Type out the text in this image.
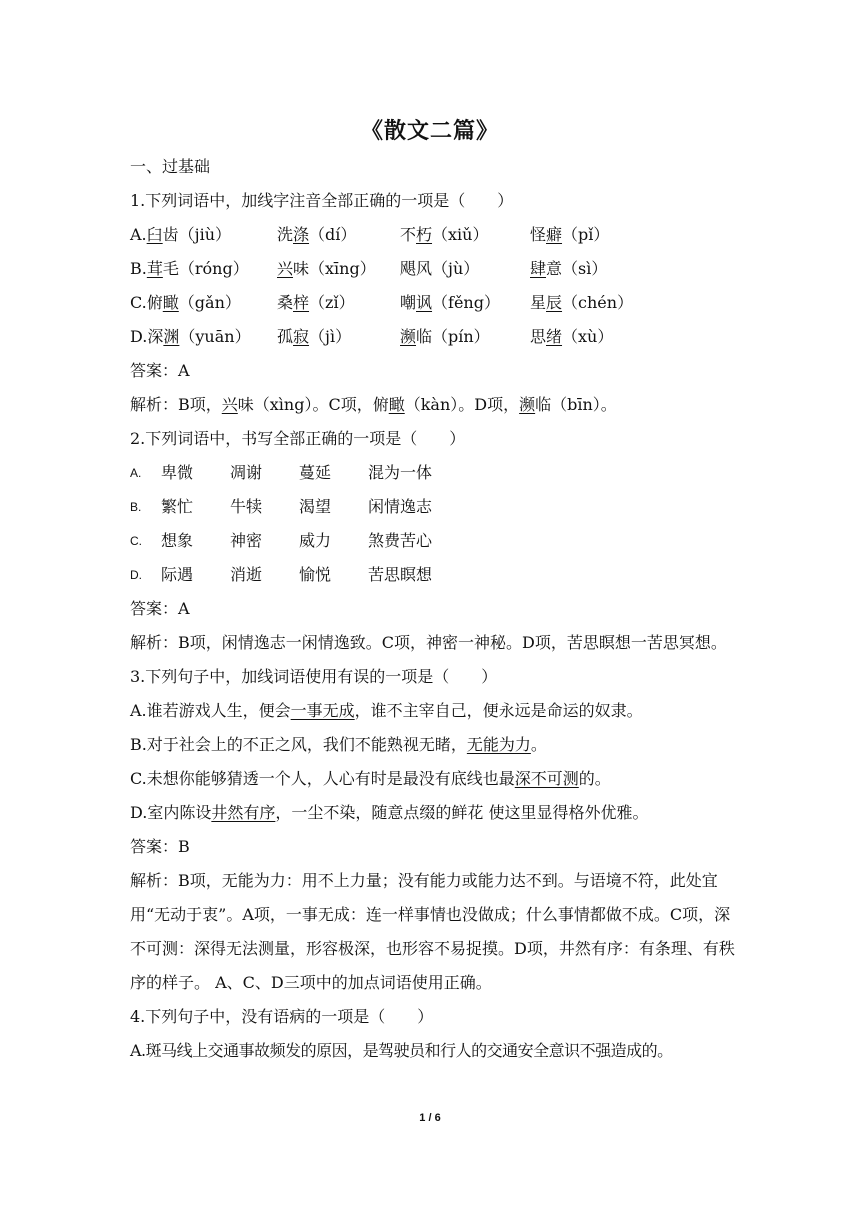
《散文二篇》
一、过基础
1.下列词语中，加线字注音全部正确的一项是（　　）
A.臼齿（jiù）	洗涤（dí）	不朽（xiǔ）	怪癖（pǐ）
B.茸毛（róng）	兴味（xīng）	飓风（jù）	肆意（sì）
C.俯瞰（gǎn）	桑梓（zǐ）	嘲讽（fěng）	星辰（chén）
D.深渊（yuān）	孤寂（jì）	濒临（pín）	思绪（xù）
答案：A
解析：B项，兴味（xìng）。C项，俯瞰（kàn）。D项，濒临（bīn）。
2.下列词语中，书写全部正确的一项是（　　）
A.	卑微	凋谢	蔓延	混为一体
B.	繁忙	牛犊	渴望	闲情逸志
C.	想象	神密	威力	煞费苦心
D.	际遇	消逝	愉悦	苦思瞑想
答案：A
解析：B项，闲情逸志一闲情逸致。C项，神密一神秘。D项，苦思瞑想一苦思冥想。
3.下列句子中，加线词语使用有误的一项是（　　）
A.谁若游戏人生，便会一事无成，谁不主宰自己，便永远是命运的奴隶。
B.对于社会上的不正之风，我们不能熟视无睹，无能为力。
C.未想你能够猜透一个人，人心有时是最没有底线也最深不可测的。
D.室内陈设井然有序，一尘不染，随意点缀的鲜花 使这里显得格外优雅。
答案：B
解析：B项，无能为力：用不上力量；没有能力或能力达不到。与语境不符，此处宜用“无动于衷”。A项，一事无成：连一样事情也没做成；什么事情都做不成。C项，深不可测：深得无法测量，形容极深，也形容不易捉摸。D项，井然有序：有条理、有秩序的样子。 A、C、D三项中的加点词语使用正确。
4.下列句子中，没有语病的一项是（　　）
A.斑马线上交通事故频发的原因，是驾驶员和行人的交通安全意识不强造成的。
1 / 6
